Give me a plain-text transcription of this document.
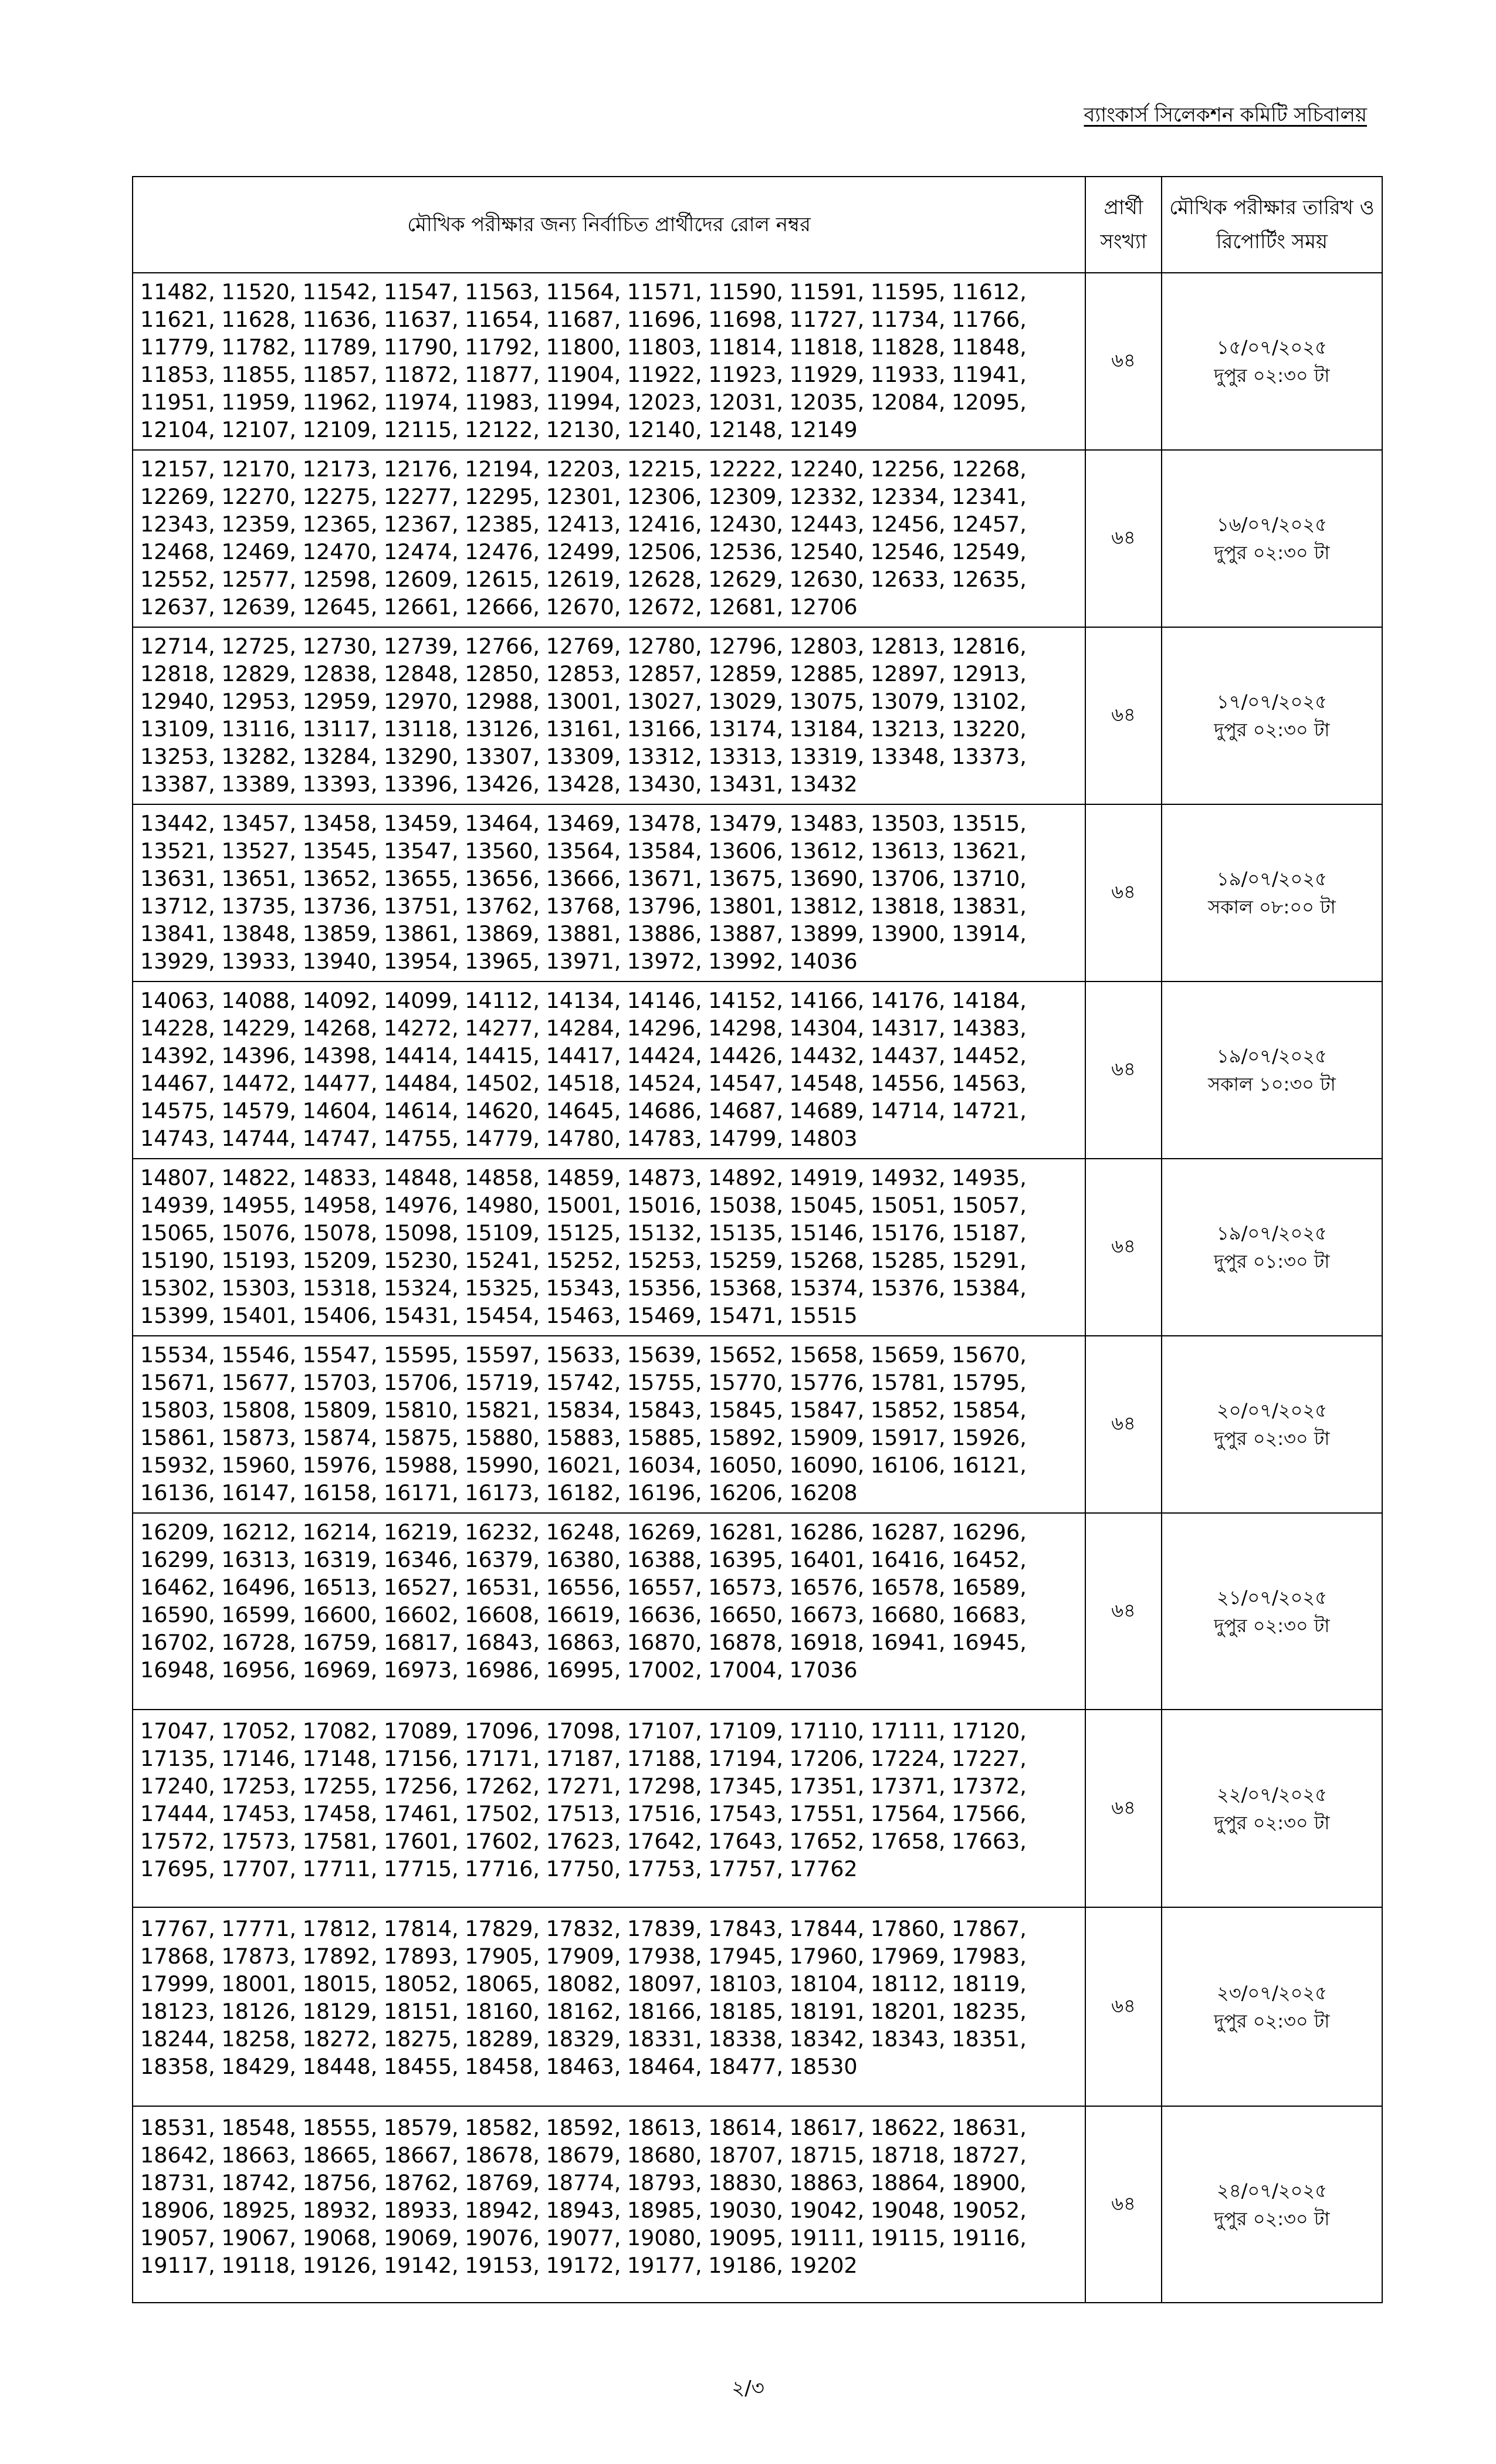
ব্যাংকার্স সিলেকশন কমিটি সচিবালয়
মৌখিক পরীক্ষার জন্য নির্বাচিত প্রার্থীদের রোল নম্বর	প্রার্থী সংখ্যা	মৌখিক পরীক্ষার তারিখ ও রিপোর্টিং সময়
11482, 11520, 11542, 11547, 11563, 11564, 11571, 11590, 11591, 11595, 11612, 11621, 11628, 11636, 11637, 11654, 11687, 11696, 11698, 11727, 11734, 11766, 11779, 11782, 11789, 11790, 11792, 11800, 11803, 11814, 11818, 11828, 11848, 11853, 11855, 11857, 11872, 11877, 11904, 11922, 11923, 11929, 11933, 11941, 11951, 11959, 11962, 11974, 11983, 11994, 12023, 12031, 12035, 12084, 12095, 12104, 12107, 12109, 12115, 12122, 12130, 12140, 12148, 12149	৬৪	১৫/০৭/২০২৫
দুপুর ০২:৩০ টা

12157, 12170, 12173, 12176, 12194, 12203, 12215, 12222, 12240, 12256, 12268, 12269, 12270, 12275, 12277, 12295, 12301, 12306, 12309, 12332, 12334, 12341, 12343, 12359, 12365, 12367, 12385, 12413, 12416, 12430, 12443, 12456, 12457, 12468, 12469, 12470, 12474, 12476, 12499, 12506, 12536, 12540, 12546, 12549, 12552, 12577, 12598, 12609, 12615, 12619, 12628, 12629, 12630, 12633, 12635, 12637, 12639, 12645, 12661, 12666, 12670, 12672, 12681, 12706	৬৪	১৬/০৭/২০২৫
দুপুর ০২:৩০ টা

12714, 12725, 12730, 12739, 12766, 12769, 12780, 12796, 12803, 12813, 12816, 12818, 12829, 12838, 12848, 12850, 12853, 12857, 12859, 12885, 12897, 12913, 12940, 12953, 12959, 12970, 12988, 13001, 13027, 13029, 13075, 13079, 13102, 13109, 13116, 13117, 13118, 13126, 13161, 13166, 13174, 13184, 13213, 13220, 13253, 13282, 13284, 13290, 13307, 13309, 13312, 13313, 13319, 13348, 13373, 13387, 13389, 13393, 13396, 13426, 13428, 13430, 13431, 13432	৬৪	১৭/০৭/২০২৫
দুপুর ০২:৩০ টা

13442, 13457, 13458, 13459, 13464, 13469, 13478, 13479, 13483, 13503, 13515, 13521, 13527, 13545, 13547, 13560, 13564, 13584, 13606, 13612, 13613, 13621, 13631, 13651, 13652, 13655, 13656, 13666, 13671, 13675, 13690, 13706, 13710, 13712, 13735, 13736, 13751, 13762, 13768, 13796, 13801, 13812, 13818, 13831, 13841, 13848, 13859, 13861, 13869, 13881, 13886, 13887, 13899, 13900, 13914, 13929, 13933, 13940, 13954, 13965, 13971, 13972, 13992, 14036	৬৪	১৯/০৭/২০২৫
সকাল ০৮:০০ টা

14063, 14088, 14092, 14099, 14112, 14134, 14146, 14152, 14166, 14176, 14184, 14228, 14229, 14268, 14272, 14277, 14284, 14296, 14298, 14304, 14317, 14383, 14392, 14396, 14398, 14414, 14415, 14417, 14424, 14426, 14432, 14437, 14452, 14467, 14472, 14477, 14484, 14502, 14518, 14524, 14547, 14548, 14556, 14563, 14575, 14579, 14604, 14614, 14620, 14645, 14686, 14687, 14689, 14714, 14721, 14743, 14744, 14747, 14755, 14779, 14780, 14783, 14799, 14803	৬৪	১৯/০৭/২০২৫
সকাল ১০:৩০ টা

14807, 14822, 14833, 14848, 14858, 14859, 14873, 14892, 14919, 14932, 14935, 14939, 14955, 14958, 14976, 14980, 15001, 15016, 15038, 15045, 15051, 15057, 15065, 15076, 15078, 15098, 15109, 15125, 15132, 15135, 15146, 15176, 15187, 15190, 15193, 15209, 15230, 15241, 15252, 15253, 15259, 15268, 15285, 15291, 15302, 15303, 15318, 15324, 15325, 15343, 15356, 15368, 15374, 15376, 15384, 15399, 15401, 15406, 15431, 15454, 15463, 15469, 15471, 15515	৬৪	১৯/০৭/২০২৫
দুপুর ০১:৩০ টা

15534, 15546, 15547, 15595, 15597, 15633, 15639, 15652, 15658, 15659, 15670, 15671, 15677, 15703, 15706, 15719, 15742, 15755, 15770, 15776, 15781, 15795, 15803, 15808, 15809, 15810, 15821, 15834, 15843, 15845, 15847, 15852, 15854, 15861, 15873, 15874, 15875, 15880, 15883, 15885, 15892, 15909, 15917, 15926, 15932, 15960, 15976, 15988, 15990, 16021, 16034, 16050, 16090, 16106, 16121, 16136, 16147, 16158, 16171, 16173, 16182, 16196, 16206, 16208	৬৪	২০/০৭/২০২৫
দুপুর ০২:৩০ টা

16209, 16212, 16214, 16219, 16232, 16248, 16269, 16281, 16286, 16287, 16296, 16299, 16313, 16319, 16346, 16379, 16380, 16388, 16395, 16401, 16416, 16452, 16462, 16496, 16513, 16527, 16531, 16556, 16557, 16573, 16576, 16578, 16589, 16590, 16599, 16600, 16602, 16608, 16619, 16636, 16650, 16673, 16680, 16683, 16702, 16728, 16759, 16817, 16843, 16863, 16870, 16878, 16918, 16941, 16945, 16948, 16956, 16969, 16973, 16986, 16995, 17002, 17004, 17036	৬৪	২১/০৭/২০২৫
দুপুর ০২:৩০ টা

17047, 17052, 17082, 17089, 17096, 17098, 17107, 17109, 17110, 17111, 17120, 17135, 17146, 17148, 17156, 17171, 17187, 17188, 17194, 17206, 17224, 17227, 17240, 17253, 17255, 17256, 17262, 17271, 17298, 17345, 17351, 17371, 17372, 17444, 17453, 17458, 17461, 17502, 17513, 17516, 17543, 17551, 17564, 17566, 17572, 17573, 17581, 17601, 17602, 17623, 17642, 17643, 17652, 17658, 17663, 17695, 17707, 17711, 17715, 17716, 17750, 17753, 17757, 17762	৬৪	২২/০৭/২০২৫
দুপুর ০২:৩০ টা

17767, 17771, 17812, 17814, 17829, 17832, 17839, 17843, 17844, 17860, 17867, 17868, 17873, 17892, 17893, 17905, 17909, 17938, 17945, 17960, 17969, 17983, 17999, 18001, 18015, 18052, 18065, 18082, 18097, 18103, 18104, 18112, 18119, 18123, 18126, 18129, 18151, 18160, 18162, 18166, 18185, 18191, 18201, 18235, 18244, 18258, 18272, 18275, 18289, 18329, 18331, 18338, 18342, 18343, 18351, 18358, 18429, 18448, 18455, 18458, 18463, 18464, 18477, 18530	৬৪	২৩/০৭/২০২৫
দুপুর ০২:৩০ টা

18531, 18548, 18555, 18579, 18582, 18592, 18613, 18614, 18617, 18622, 18631, 18642, 18663, 18665, 18667, 18678, 18679, 18680, 18707, 18715, 18718, 18727, 18731, 18742, 18756, 18762, 18769, 18774, 18793, 18830, 18863, 18864, 18900, 18906, 18925, 18932, 18933, 18942, 18943, 18985, 19030, 19042, 19048, 19052, 19057, 19067, 19068, 19069, 19076, 19077, 19080, 19095, 19111, 19115, 19116, 19117, 19118, 19126, 19142, 19153, 19172, 19177, 19186, 19202	৬৪	২৪/০৭/২০২৫
দুপুর ০২:৩০ টা
২/৩
